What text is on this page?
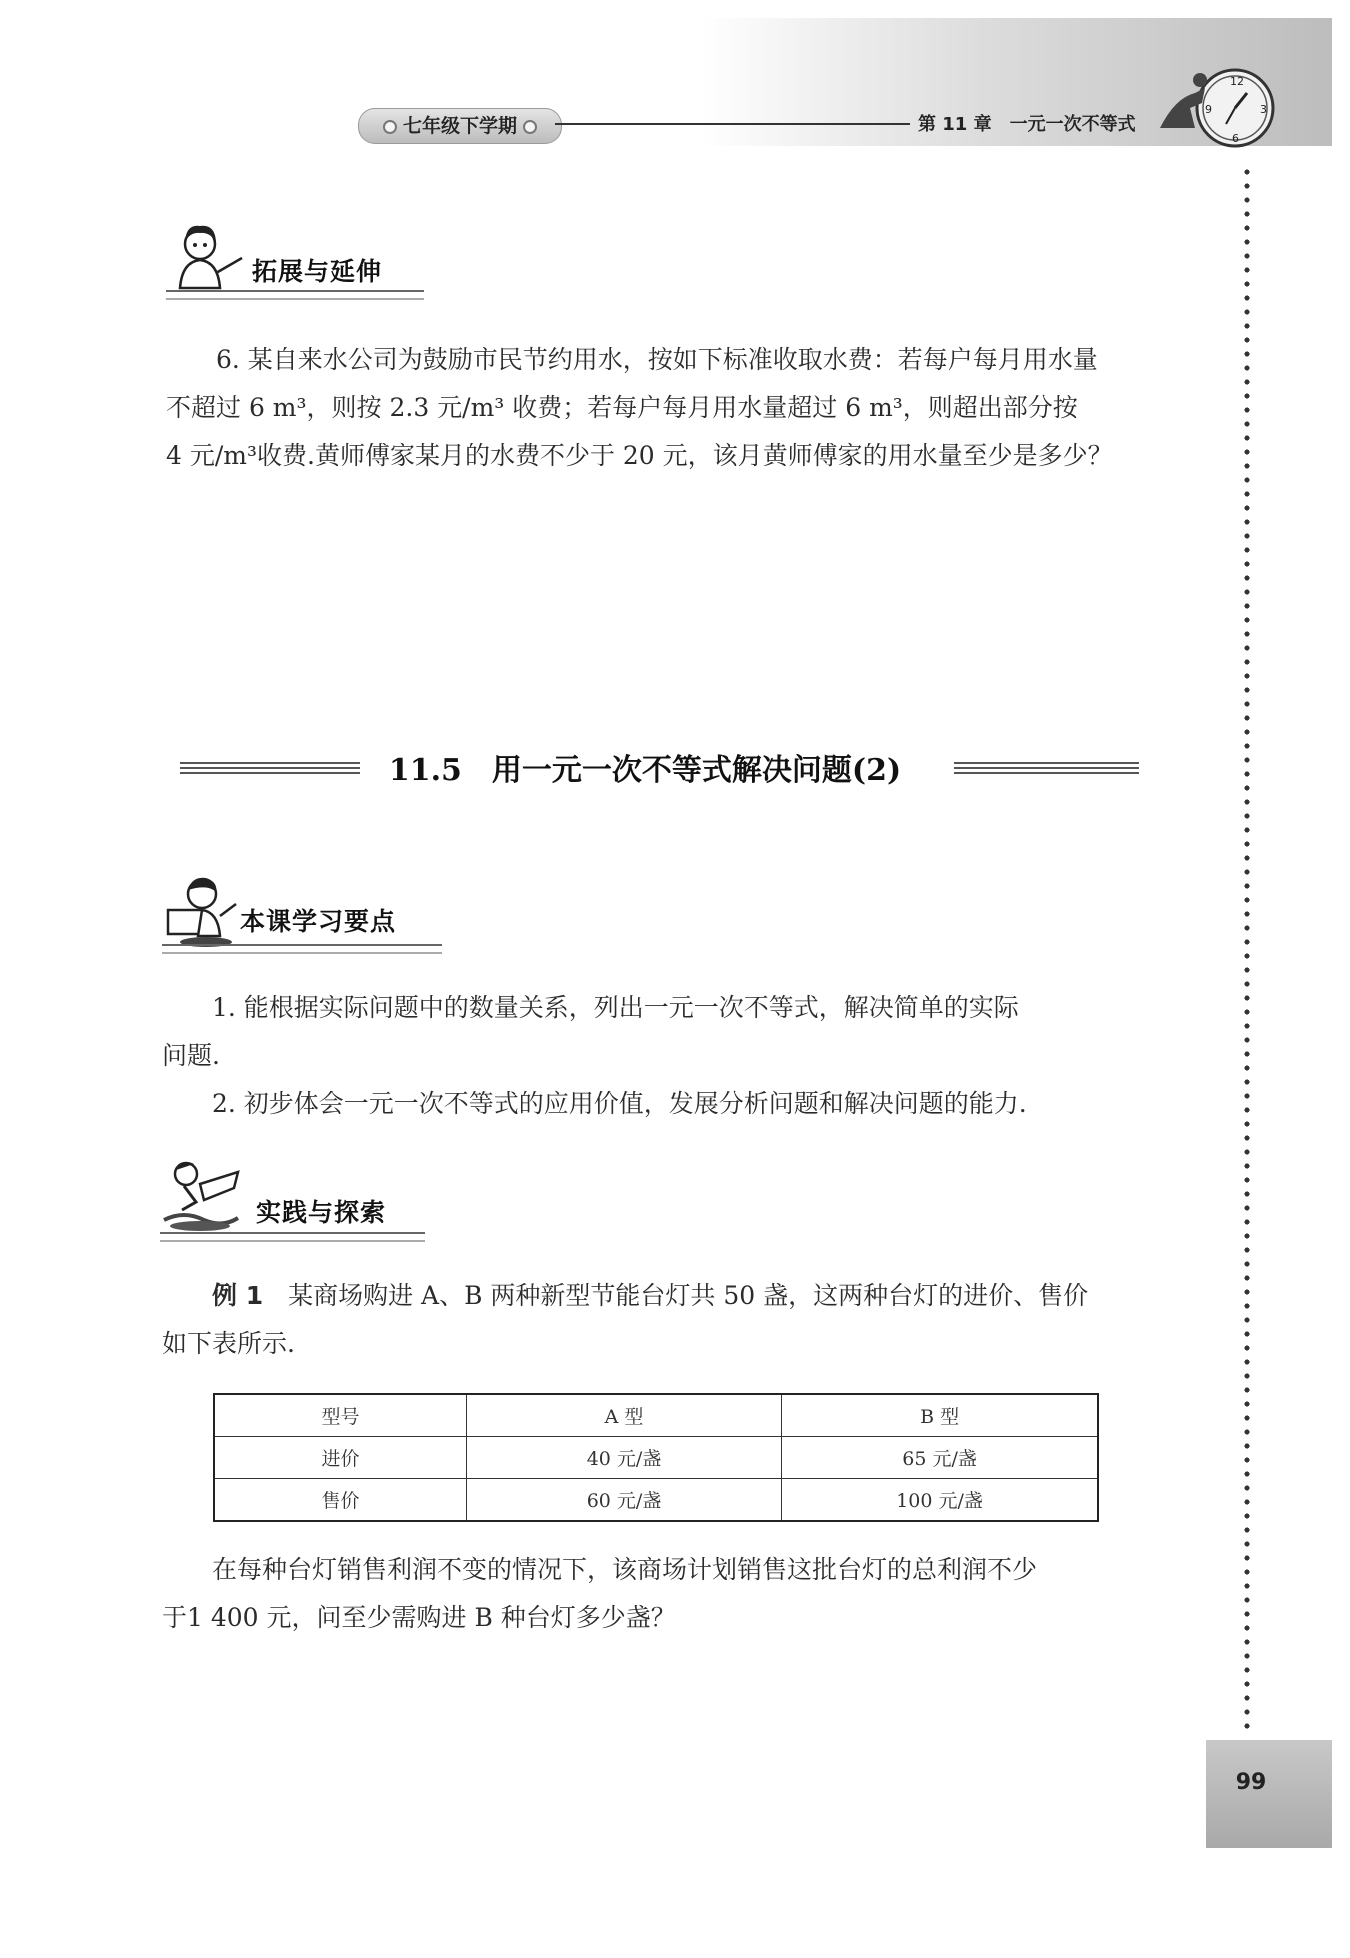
七年级下学期	第 11 章　一元一次不等式
12
3
6
9
99
拓展与延伸

6. 某自来水公司为鼓励市民节约用水，按如下标准收取水费：若每户每月用水量

不超过 6 m³，则按 2.3 元/m³ 收费；若每户每月用水量超过 6 m³，则超出部分按

4 元/m³收费.黄师傅家某月的水费不少于 20 元，该月黄师傅家的用水量至少是多少？

11.5　 用一元一次不等式解决问题(2)
本课学习要点

1. 能根据实际问题中的数量关系，列出一元一次不等式，解决简单的实际

问题.

2. 初步体会一元一次不等式的应用价值，发展分析问题和解决问题的能力.

实践与探索

例 1　某商场购进 A、B 两种新型节能台灯共 50 盏，这两种台灯的进价、售价

如下表所示.

型号	A 型	B 型
进价	40 元/盏	65 元/盏
售价	60 元/盏	100 元/盏

在每种台灯销售利润不变的情况下，该商场计划销售这批台灯的总利润不少

于1 400 元，问至少需购进 B 种台灯多少盏？
